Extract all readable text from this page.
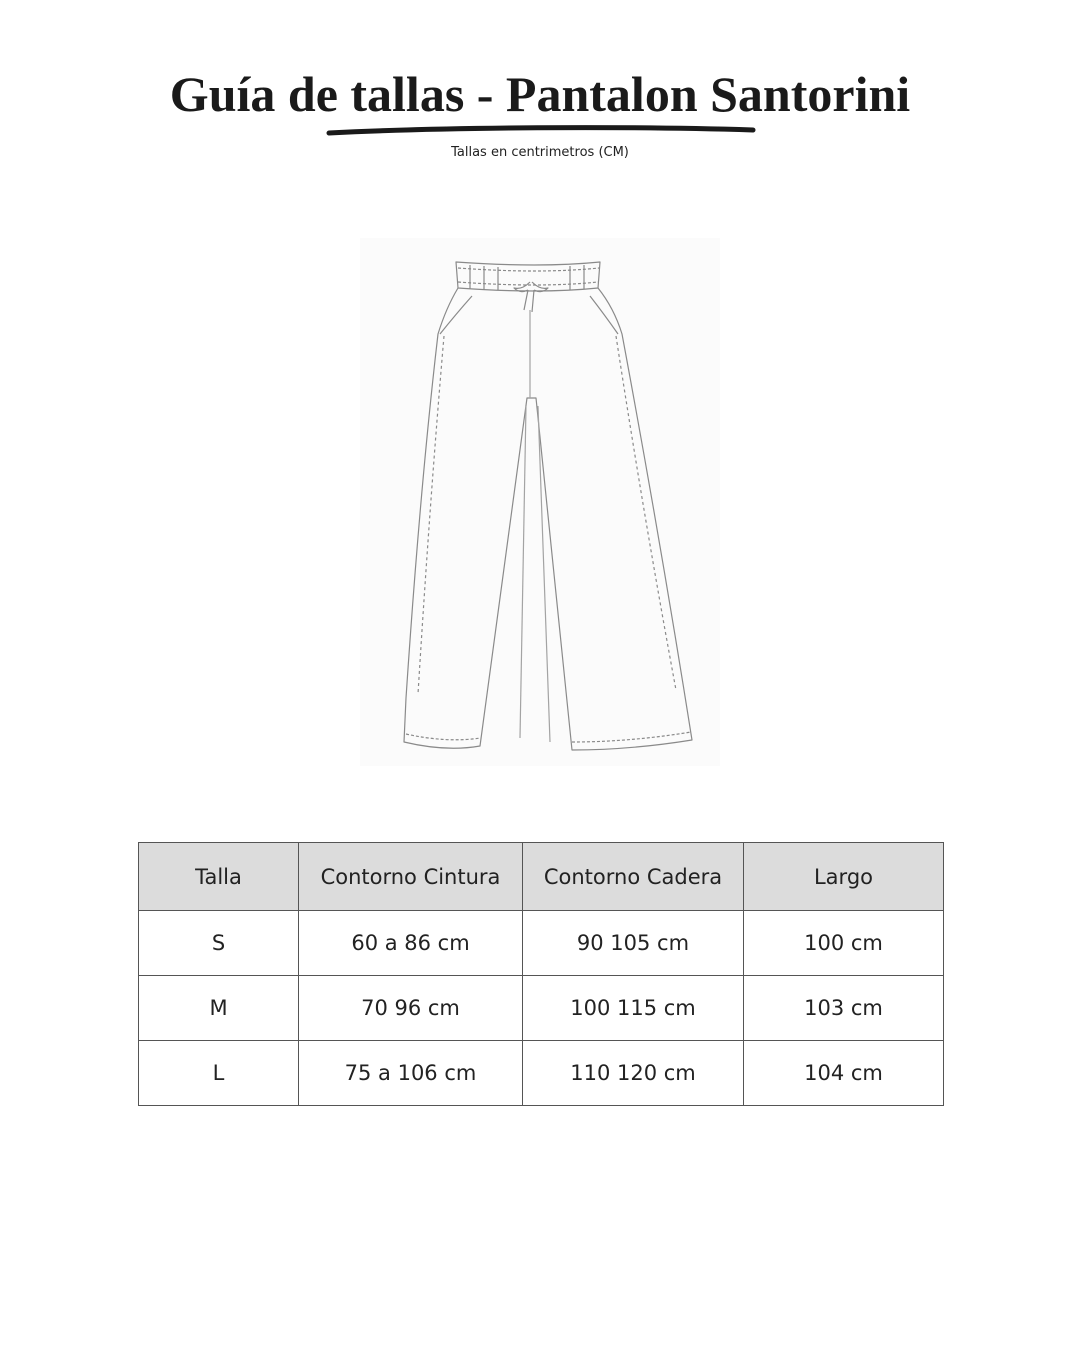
Guía de tallas - Pantalon Santorini
Tallas en centrimetros (CM)
Talla	Contorno Cintura	Contorno Cadera	Largo
S	60 a 86 cm	90 105 cm	100 cm
M	70 96 cm	100 115 cm	103 cm
L	75 a 106 cm	110 120 cm	104 cm
